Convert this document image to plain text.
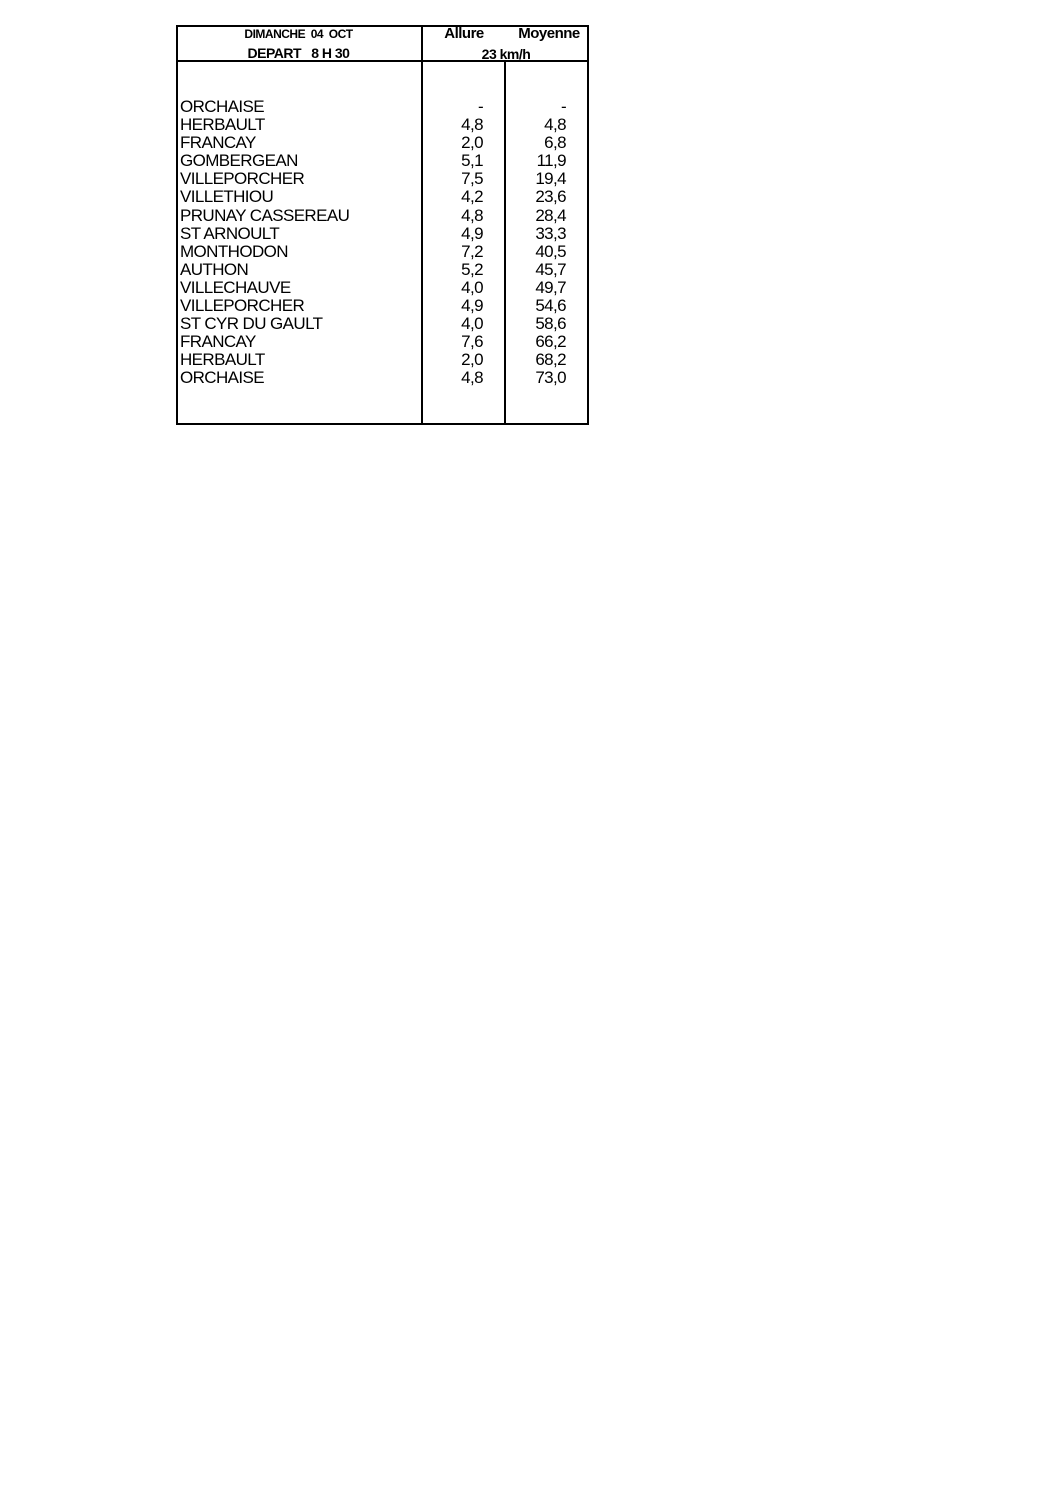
DIMANCHE  04  OCT
DEPART   8 H 30
Allure	Moyenne
23 km/h
ORCHAISE	-	-
HERBAULT	4,8	4,8
FRANCAY	2,0	6,8
GOMBERGEAN	5,1	11,9
VILLEPORCHER	7,5	19,4
VILLETHIOU	4,2	23,6
PRUNAY CASSEREAU	4,8	28,4
ST ARNOULT	4,9	33,3
MONTHODON	7,2	40,5
AUTHON	5,2	45,7
VILLECHAUVE	4,0	49,7
VILLEPORCHER	4,9	54,6
ST CYR DU GAULT	4,0	58,6
FRANCAY	7,6	66,2
HERBAULT	2,0	68,2
ORCHAISE	4,8	73,0
